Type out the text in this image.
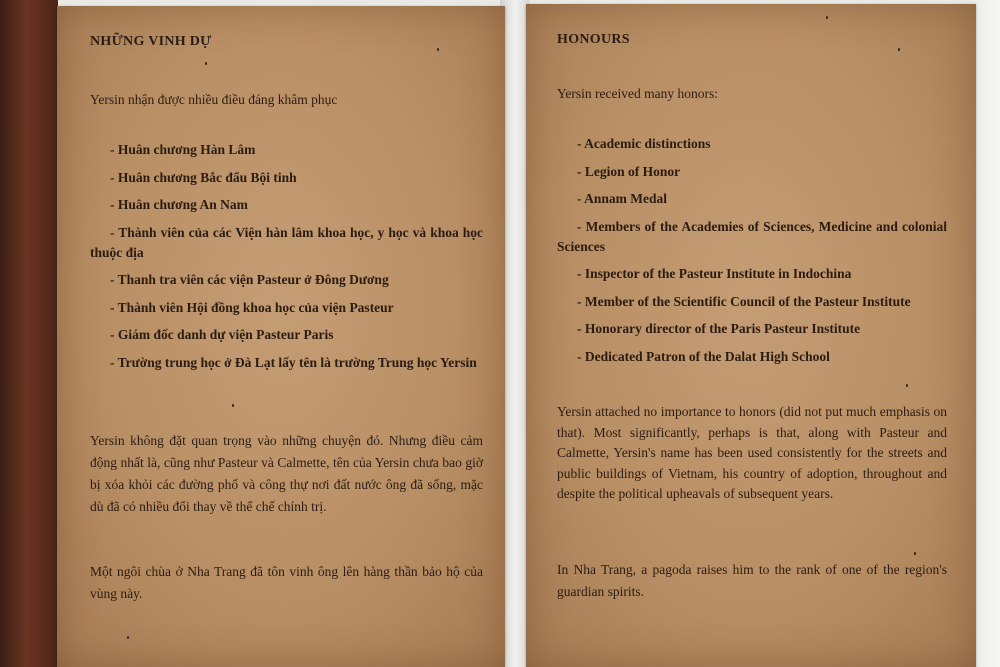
NHỮNG VINH DỰ
Yersin nhận được nhiều điều đáng khâm phục
- Huân chương Hàn Lâm
- Huân chương Bắc đẩu Bội tinh
- Huân chương An Nam
- Thành viên của các Viện hàn lâm khoa học, y học và khoa học thuộc địa
- Thanh tra viên các viện Pasteur ở Đông Dương
- Thành viên Hội đồng khoa học của viện Pasteur
- Giám đốc danh dự viện Pasteur Paris
- Trường trung học ở Đà Lạt lấy tên là trường Trung học Yersin
Yersin không đặt quan trọng vào những chuyện đó. Nhưng điều cảm động nhất là, cũng như Pasteur và Calmette, tên của Yersin chưa bao giờ bị xóa khỏi các đường phố và công thự nơi đất nước ông đã sống, mặc dù đã có nhiều đổi thay về thể chế chính trị.
Một ngôi chùa ở Nha Trang đã tôn vinh ông lên hàng thần bảo hộ của vùng này.
HONOURS
Yersin received many honors:
- Academic distinctions
- Legion of Honor
- Annam Medal
- Members of the Academies of Sciences, Medicine and colonial Sciences
- Inspector of the Pasteur Institute in Indochina
- Member of the Scientific Council of the Pasteur Institute
- Honorary director of the Paris Pasteur Institute
- Dedicated Patron of the Dalat High School
Yersin attached no importance to honors (did not put much emphasis on that). Most significantly, perhaps is that, along with Pasteur and Calmette, Yersin's name has been used consistently for the streets and public buildings of Vietnam, his country of adoption, throughout and despite the political upheavals of subsequent years.
In Nha Trang, a pagoda raises him to the rank of one of the region's guardian spirits.
